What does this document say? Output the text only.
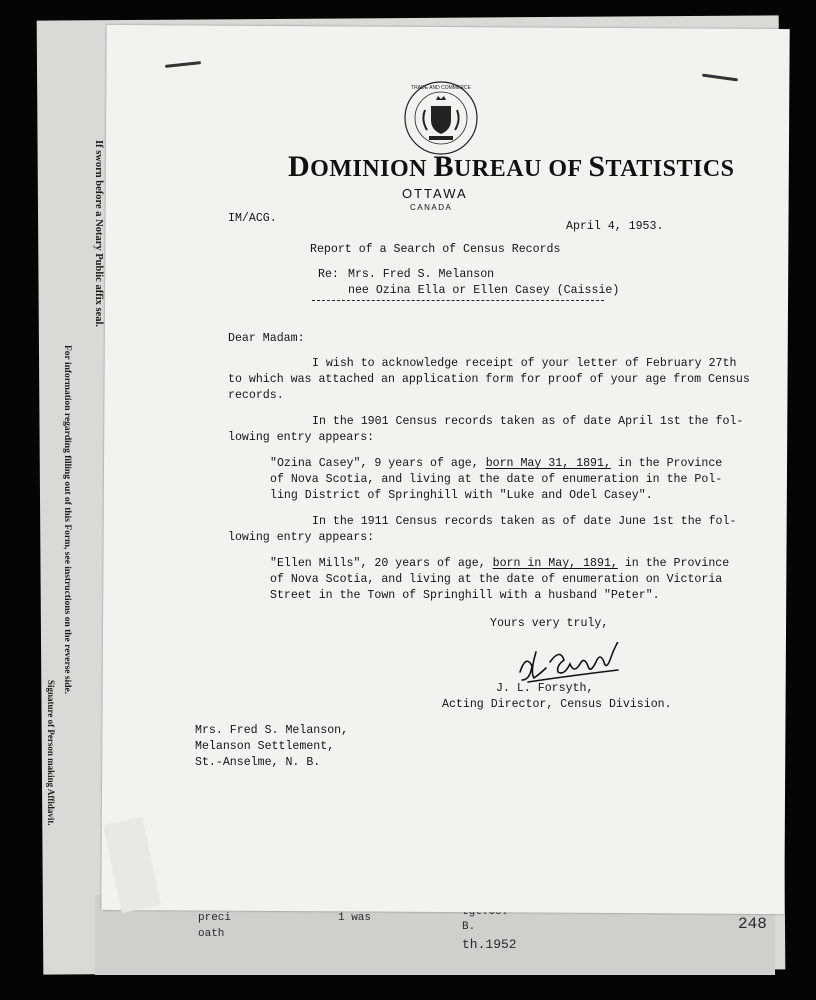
If sworn before a Notary Public affix seal.
For information regarding filling out of this Form, see instructions on the reverse side.
Signature of Person making Affidavit.
preci
oath
1 was
B.
th.1952
248
TRADE AND COMMERCE
DOMINION BUREAU OF STATISTICS
OTTAWA
CANADA
IM/ACG.
April 4, 1953.
Report of a Search of Census Records
Re: Mrs. Fred S. Melanson
nee Ozina Ella or Ellen Casey (Caissie)
Dear Madam:
I wish to acknowledge receipt of your letter of February 27th
to which was attached an application form for proof of your age from Census
records.
In the 1901 Census records taken as of date April 1st the fol-
lowing entry appears:
"Ozina Casey", 9 years of age, born May 31, 1891, in the Province
of Nova Scotia, and living at the date of enumeration in the Pol-
ling District of Springhill with "Luke and Odel Casey".
In the 1911 Census records taken as of date June 1st the fol-
lowing entry appears:
"Ellen Mills", 20 years of age, born in May, 1891, in the Province
of Nova Scotia, and living at the date of enumeration on Victoria
Street in the Town of Springhill with a husband "Peter".
Yours very truly,
J. L. Forsyth,
Acting Director, Census Division.
Mrs. Fred S. Melanson,
Melanson Settlement,
St.-Anselme, N. B.
